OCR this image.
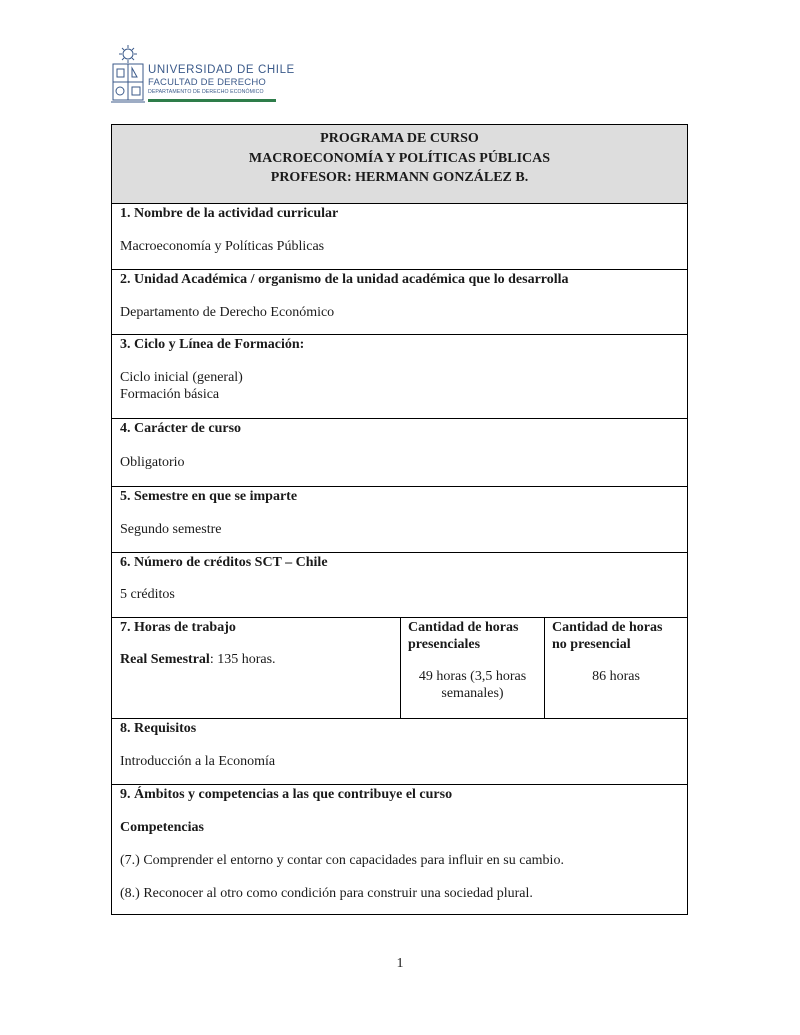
UNIVERSIDAD DE CHILE
FACULTAD DE DERECHO
DEPARTAMENTO DE DERECHO ECONÓMICO
PROGRAMA DE CURSO
MACROECONOMÍA Y POLÍTICAS PÚBLICAS
PROFESOR: HERMANN GONZÁLEZ B.
1. Nombre de la actividad curricular
Macroeconomía y Políticas Públicas
2. Unidad Académica / organismo de la unidad académica que lo desarrolla
Departamento de Derecho Económico
3. Ciclo y Línea de Formación:
Ciclo inicial (general)
Formación básica
4. Carácter de curso
Obligatorio
5. Semestre en que se imparte
Segundo semestre
6. Número de créditos SCT – Chile
5 créditos
7. Horas de trabajo
Real Semestral: 135 horas.
Cantidad de horas
presenciales
49 horas (3,5 horas
semanales)
Cantidad de horas
no presencial
86 horas
8. Requisitos
Introducción a la Economía
9. Ámbitos y competencias a las que contribuye el curso
Competencias
(7.) Comprender el entorno y contar con capacidades para influir en su cambio.
(8.) Reconocer al otro como condición para construir una sociedad plural.
1
